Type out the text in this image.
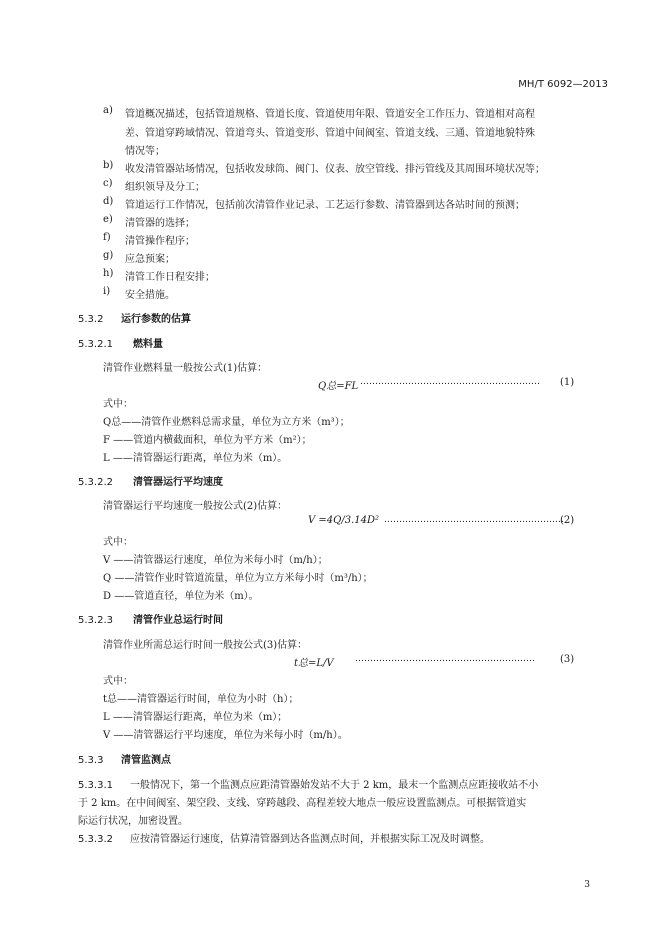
MH/T 6092—2013
a) 管道概况描述，包括管道规格、管道长度、管道使用年限、管道安全工作压力、管道相对高程
差、管道穿跨域情况、管道弯头、管道变形、管道中间阀室、管道支线、三通、管道地貌特殊
情况等；
b) 收发清管器站场情况，包括收发球筒、阀门、仪表、放空管线、排污管线及其周围环境状况等；
c) 组织领导及分工；
d) 管道运行工作情况，包括前次清管作业记录、工艺运行参数、清管器到达各站时间的预测；
e) 清管器的选择；
f) 清管操作程序；
g) 应急预案；
h) 清管工作日程安排；
i) 安全措施。
5.3.2 运行参数的估算
5.3.2.1 燃料量
清管作业燃料量一般按公式(1)估算：
Q总=FL …………………………………………………… (1)
式中：
Q总——清管作业燃料总需求量，单位为立方米（m³）；
F ——管道内横截面积，单位为平方米（m²）；
L ——清管器运行距离，单位为米（m）。
5.3.2.2 清管器运行平均速度
清管器运行平均速度一般按公式(2)估算：
V =4Q/3.14D² ……………………………………………………
(2)
式中：
V ——清管器运行速度，单位为米每小时（m/h）；
Q ——清管作业时管道流量，单位为立方米每小时（m³/h）；
D ——管道直径，单位为米（m）。
5.3.2.3 清管作业总运行时间
清管作业所需总运行时间一般按公式(3)估算：
t总=L/V ……………………………………………………	(3)
式中：
t总——清管器运行时间，单位为小时（h）；
L ——清管器运行距离，单位为米（m）；
V ——清管器运行平均速度，单位为米每小时（m/h）。
5.3.3 清管监测点
5.3.3.1 一般情况下，第一个监测点应距清管器始发站不大于 2 km，最末一个监测点应距接收站不小
于 2 km。在中间阀室、架空段、支线、穿跨越段、高程差较大地点一般应设置监测点。可根据管道实
际运行状况，加密设置。
5.3.3.2 应按清管器运行速度，估算清管器到达各监测点时间，并根据实际工况及时调整。
3
